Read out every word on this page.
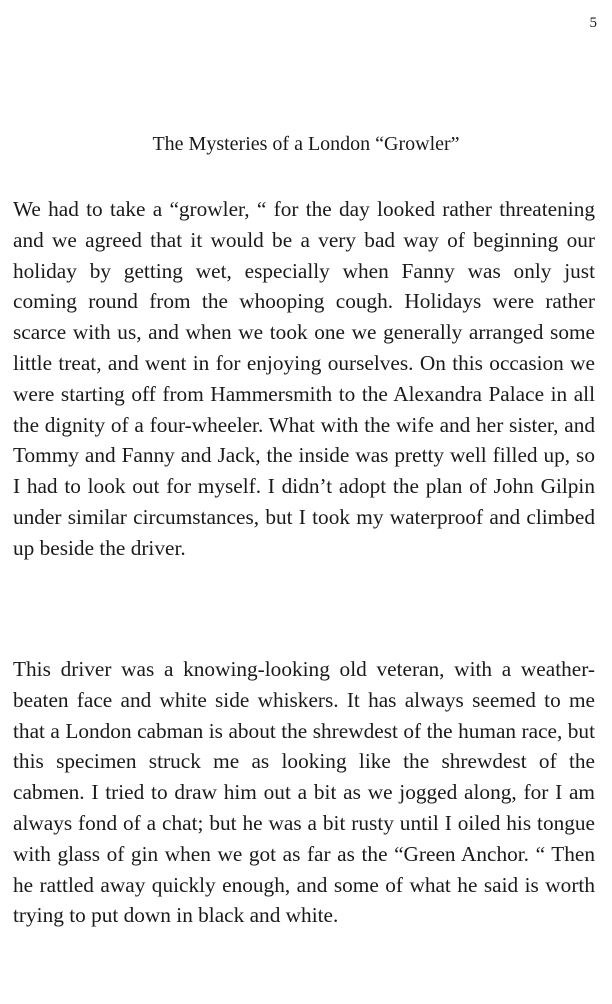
5
The Mysteries of a London “Growler”

We had to take a “growler, “ for the day looked rather threatening and we agreed that it would be a very bad way of beginning our holiday by getting wet, especially when Fanny was only just coming round from the whooping cough. Holidays were rather scarce with us, and when we took one we generally arranged some little treat, and went in for enjoying ourselves. On this occasion we were starting off from Hammersmith to the Alexandra Palace in all the dignity of a four-wheeler. What with the wife and her sister, and Tommy and Fanny and Jack, the inside was pretty well filled up, so I had to look out for myself. I didn’t adopt the plan of John Gilpin under similar circumstances, but I took my waterproof and climbed up beside the driver.

This driver was a knowing-looking old veteran, with a weather-beaten face and white side whiskers. It has always seemed to me that a London cabman is about the shrewdest of the human race, but this specimen struck me as looking like the shrewdest of the cabmen. I tried to draw him out a bit as we jogged along, for I am always fond of a chat; but he was a bit rusty until I oiled his tongue with glass of gin when we got as far as the “Green Anchor. “ Then he rattled away quickly enough, and some of what he said is worth trying to put down in black and white.
